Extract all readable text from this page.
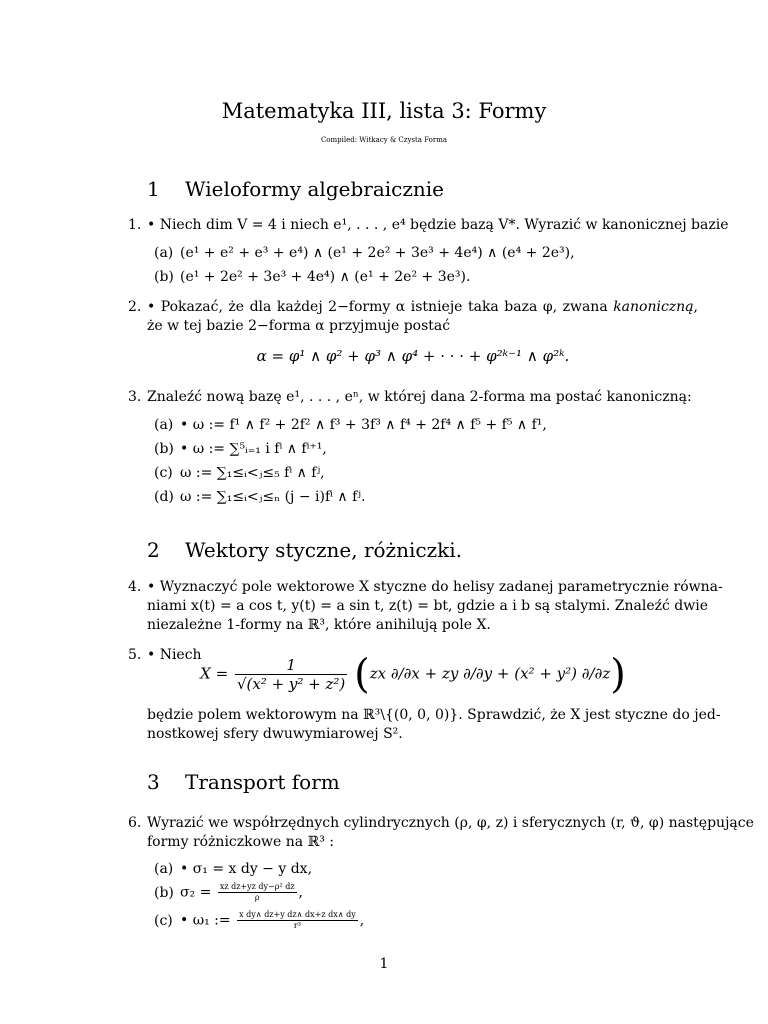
Matematyka III, lista 3: Formy
Compiled: Witkacy & Czysta Forma
1 Wieloformy algebraicznie
1. • Niech dim V = 4 i niech e¹, . . . , e⁴ będzie bazą V*. Wyrazić w kanonicznej bazie
(a) (e¹ + e² + e³ + e⁴) ∧ (e¹ + 2e² + 3e³ + 4e⁴) ∧ (e⁴ + 2e³),
(b) (e¹ + 2e² + 3e³ + 4e⁴) ∧ (e¹ + 2e² + 3e³).
2. • Pokazać, że dla każdej 2−formy α istnieje taka baza φ, zwana kanoniczną, że w tej bazie 2−forma α przyjmuje postać
α = φ¹ ∧ φ² + φ³ ∧ φ⁴ + · · · + φ²ᵏ⁻¹ ∧ φ²ᵏ.
3. Znaleźć nową bazę e¹, . . . , eⁿ, w której dana 2-forma ma postać kanoniczną:
(a) • ω := f¹ ∧ f² + 2f² ∧ f³ + 3f³ ∧ f⁴ + 2f⁴ ∧ f⁵ + f⁵ ∧ f¹,
(b) • ω := ∑⁵ᵢ₌₁ i fⁱ ∧ fⁱ⁺¹,
(c) ω := ∑₁≤ᵢ<ⱼ≤₅ fⁱ ∧ fʲ,
(d) ω := ∑₁≤ᵢ<ⱼ≤ₙ (j − i)fⁱ ∧ fʲ.
2 Wektory styczne, różniczki.
4. • Wyznaczyć pole wektorowe X styczne do helisy zadanej parametrycznie równa-
niami x(t) = a cos t, y(t) = a sin t, z(t) = bt, gdzie a i b są stalymi. Znaleźć dwie
niezależne 1-formy na ℝ³, które anihilują pole X.
5. • Niech
$X = \frac{1}{\text{√(x² + y² + z²)}} (zx$ ∂/∂x + zy ∂/∂y + (x² + y²) ∂/∂z)
będzie polem wektorowym na ℝ³\{(0, 0, 0)}. Sprawdzić, że X jest styczne do jed-
nostkowej sfery dwuwymiarowej S².
3 Transport form
6. Wyrazić we współrzędnych cylindrycznych (ρ, φ, z) i sferycznych (r, ϑ, φ) następujące
formy różniczkowe na ℝ³ :
(a) • σ₁ = x dy − y dx,
(b) $\sigma_2 = \frac{\text{xz dz+yz dy−ρ² dz}}{\rho}$ ,
(c) • ω₁ := $\frac{\text{x dy∧ dz+y dz∧ dx+z dx∧ dy}}{\text{r³}}$ ,
1
